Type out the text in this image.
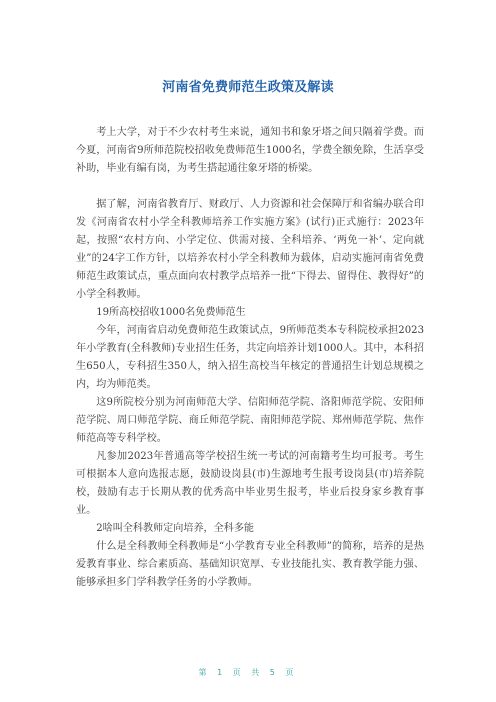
河南省免费师范生政策及解读

考上大学，对于不少农村考生来说，通知书和象牙塔之间只隔着学费。而今夏，河南省9所师范院校招收免费师范生1000名，学费全额免除，生活享受补助，毕业有编有岗，为考生搭起通往象牙塔的桥梁。

据了解，河南省教育厅、财政厅、人力资源和社会保障厅和省编办联合印发《河南省农村小学全科教师培养工作实施方案》(试行)正式施行：2023年起，按照“农村方向、小学定位、供需对接、全科培养、‘两免一补’、定向就业”的24字工作方针，以培养农村小学全科教师为载体，启动实施河南省免费师范生政策试点，重点面向农村教学点培养一批“下得去、留得住、教得好”的小学全科教师。

19所高校招收1000名免费师范生

今年，河南省启动免费师范生政策试点，9所师范类本专科院校承担2023年小学教育(全科教师)专业招生任务，共定向培养计划1000人。其中，本科招生650人，专科招生350人，纳入招生高校当年核定的普通招生计划总规模之内，均为师范类。

这9所院校分别为河南师范大学、信阳师范学院、洛阳师范学院、安阳师范学院、周口师范学院、商丘师范学院、南阳师范学院、郑州师范学院、焦作师范高等专科学校。

凡参加2023年普通高等学校招生统一考试的河南籍考生均可报考。考生可根据本人意向选报志愿，鼓励设岗县(市)生源地考生报考设岗县(市)培养院校，鼓励有志于长期从教的优秀高中毕业男生报考，毕业后投身家乡教育事业。

2啥叫全科教师定向培养，全科多能

什么是全科教师全科教师是“小学教育专业全科教师”的简称，培养的是热爱教育事业、综合素质高、基础知识宽厚、专业技能扎实、教育教学能力强、能够承担多门学科教学任务的小学教师。

第 1 页 共 5 页
